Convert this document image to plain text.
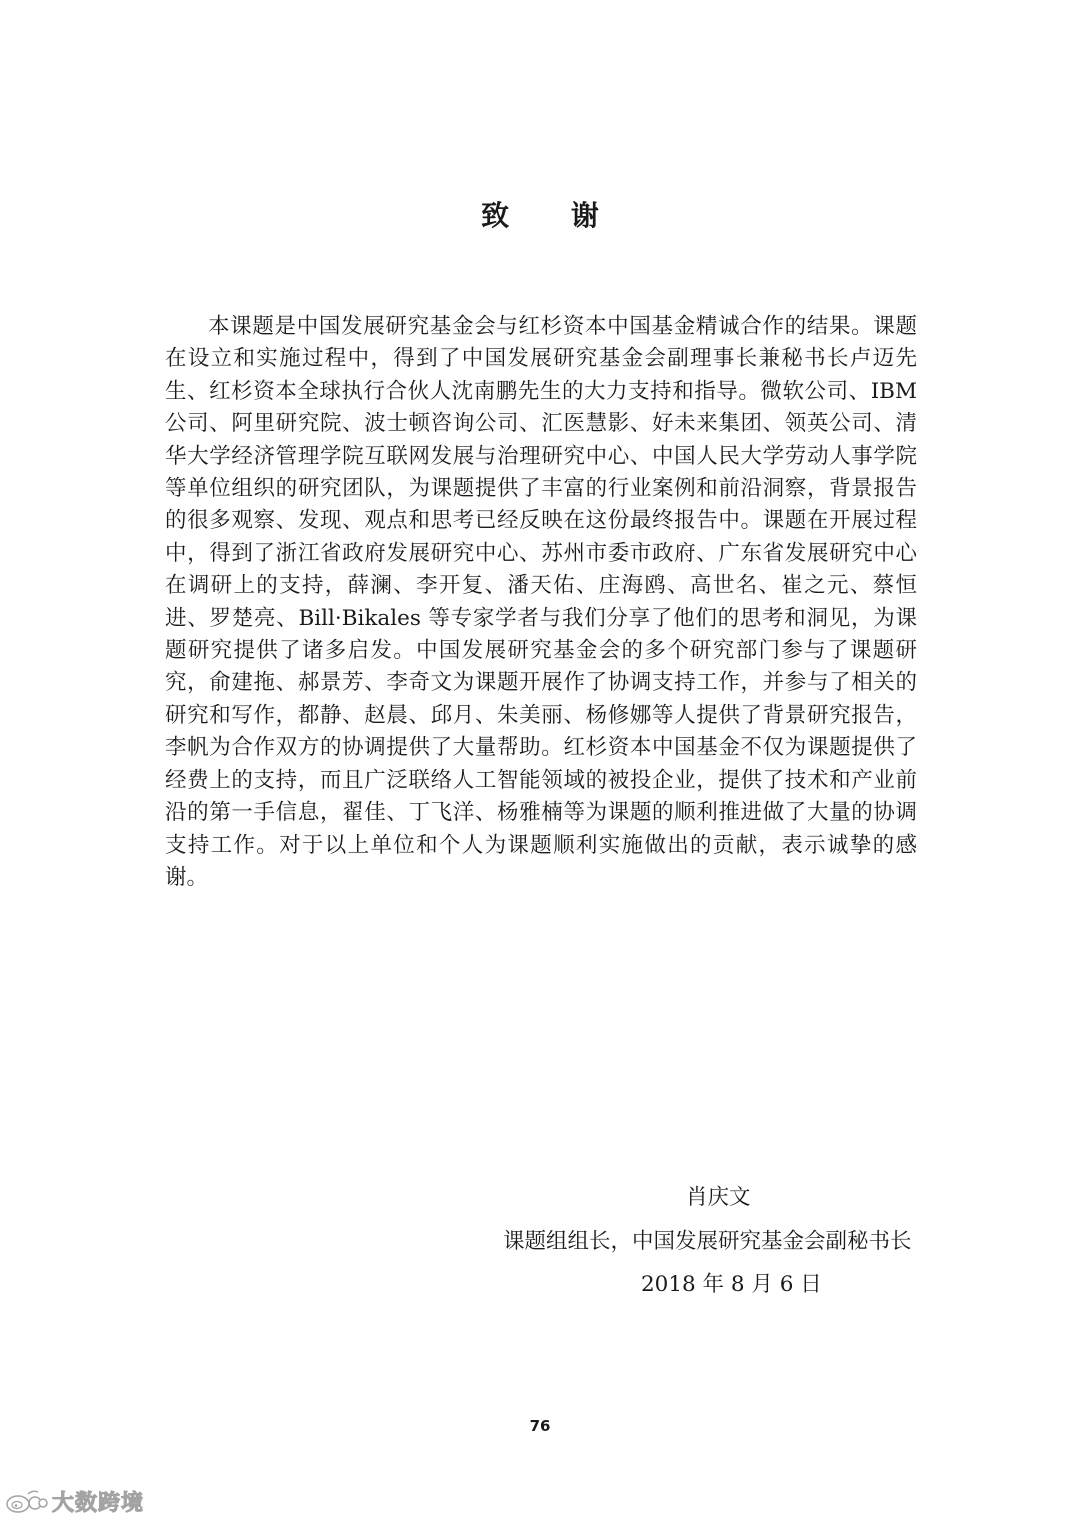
致 谢

本课题是中国发展研究基金会与红杉资本中国基金精诚合作的结果。课题在设立和实施过程中，得到了中国发展研究基金会副理事长兼秘书长卢迈先生、红杉资本全球执行合伙人沈南鹏先生的大力支持和指导。微软公司、IBM 公司、阿里研究院、波士顿咨询公司、汇医慧影、好未来集团、领英公司、清华大学经济管理学院互联网发展与治理研究中心、中国人民大学劳动人事学院等单位组织的研究团队，为课题提供了丰富的行业案例和前沿洞察，背景报告的很多观察、发现、观点和思考已经反映在这份最终报告中。课题在开展过程中，得到了浙江省政府发展研究中心、苏州市委市政府、广东省发展研究中心在调研上的支持，薛澜、李开复、潘天佑、庄海鸥、高世名、崔之元、蔡恒进、罗楚亮、Bill·Bikales 等专家学者与我们分享了他们的思考和洞见，为课题研究提供了诸多启发。中国发展研究基金会的多个研究部门参与了课题研究，俞建拖、郝景芳、李奇文为课题开展作了协调支持工作，并参与了相关的研究和写作，都静、赵晨、邱月、朱美丽、杨修娜等人提供了背景研究报告，李帆为合作双方的协调提供了大量帮助。红杉资本中国基金不仅为课题提供了经费上的支持，而且广泛联络人工智能领域的被投企业，提供了技术和产业前沿的第一手信息，翟佳、丁飞洋、杨雅楠等为课题的顺利推进做了大量的协调支持工作。对于以上单位和个人为课题顺利实施做出的贡献，表示诚挚的感谢。

肖庆文
课题组组长，中国发展研究基金会副秘书长
2018 年 8 月 6 日
76
大数跨境
